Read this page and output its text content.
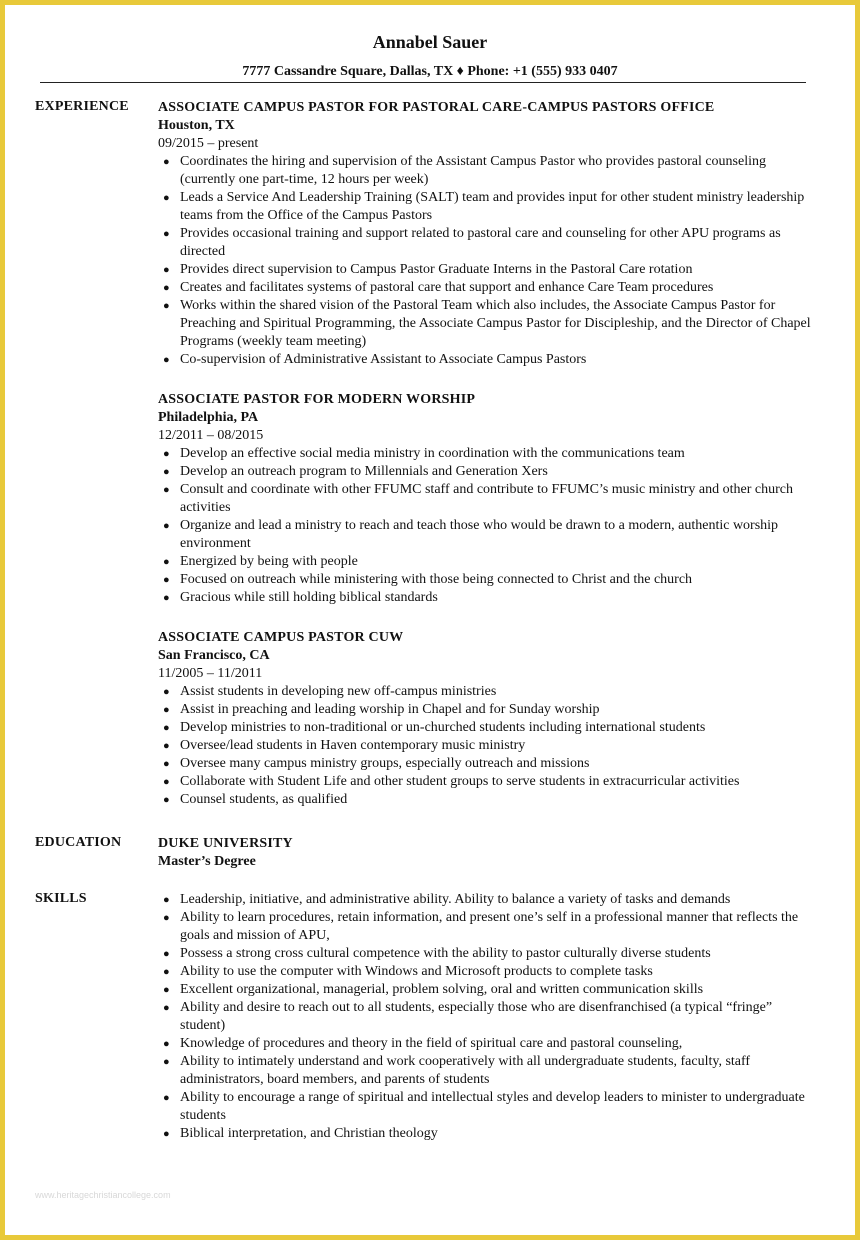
Annabel Sauer
7777 Cassandre Square, Dallas, TX ♦ Phone: +1 (555) 933 0407
EXPERIENCE ASSOCIATE CAMPUS PASTOR FOR PASTORAL CARE-CAMPUS PASTORS OFFICE
Houston, TX
09/2015 – present
● Coordinates the hiring and supervision of the Assistant Campus Pastor who provides pastoral counseling (currently one part-time, 12 hours per week)
● Leads a Service And Leadership Training (SALT) team and provides input for other student ministry leadership teams from the Office of the Campus Pastors
● Provides occasional training and support related to pastoral care and counseling for other APU programs as directed
● Provides direct supervision to Campus Pastor Graduate Interns in the Pastoral Care rotation
● Creates and facilitates systems of pastoral care that support and enhance Care Team procedures
● Works within the shared vision of the Pastoral Team which also includes, the Associate Campus Pastor for Preaching and Spiritual Programming, the Associate Campus Pastor for Discipleship, and the Director of Chapel Programs (weekly team meeting)
● Co-supervision of Administrative Assistant to Associate Campus Pastors
ASSOCIATE PASTOR FOR MODERN WORSHIP
Philadelphia, PA
12/2011 – 08/2015
● Develop an effective social media ministry in coordination with the communications team
● Develop an outreach program to Millennials and Generation Xers
● Consult and coordinate with other FFUMC staff and contribute to FFUMC’s music ministry and other church activities
● Organize and lead a ministry to reach and teach those who would be drawn to a modern, authentic worship environment
● Energized by being with people
● Focused on outreach while ministering with those being connected to Christ and the church
● Gracious while still holding biblical standards
ASSOCIATE CAMPUS PASTOR CUW
San Francisco, CA
11/2005 – 11/2011
● Assist students in developing new off-campus ministries
● Assist in preaching and leading worship in Chapel and for Sunday worship
● Develop ministries to non-traditional or un-churched students including international students
● Oversee/lead students in Haven contemporary music ministry
● Oversee many campus ministry groups, especially outreach and missions
● Collaborate with Student Life and other student groups to serve students in extracurricular activities
● Counsel students, as qualified
EDUCATION	DUKE UNIVERSITY
Master’s Degree
SKILLS	● Leadership, initiative, and administrative ability. Ability to balance a variety of tasks and demands
● Ability to learn procedures, retain information, and present one’s self in a professional manner that reflects the goals and mission of APU,
● Possess a strong cross cultural competence with the ability to pastor culturally diverse students
● Ability to use the computer with Windows and Microsoft products to complete tasks
● Excellent organizational, managerial, problem solving, oral and written communication skills
● Ability and desire to reach out to all students, especially those who are disenfranchised (a typical “fringe” student)
● Knowledge of procedures and theory in the field of spiritual care and pastoral counseling,
● Ability to intimately understand and work cooperatively with all undergraduate students, faculty, staff administrators, board members, and parents of students
● Ability to encourage a range of spiritual and intellectual styles and develop leaders to minister to undergraduate students
● Biblical interpretation, and Christian theology
www.heritagechristiancollege.com
